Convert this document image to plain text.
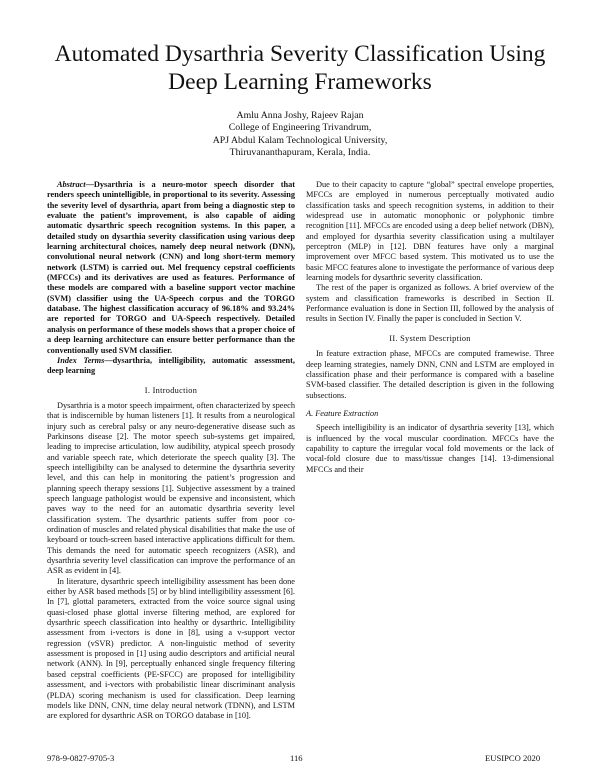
Automated Dysarthria Severity Classification Using Deep Learning Frameworks
Amlu Anna Joshy, Rajeev Rajan
College of Engineering Trivandrum,
APJ Abdul Kalam Technological University,
Thiruvananthapuram, Kerala, India.

Abstract—Dysarthria is a neuro-motor speech disorder that renders speech unintelligible, in proportional to its severity. Assessing the severity level of dysarthria, apart from being a diagnostic step to evaluate the patient’s improvement, is also capable of aiding automatic dysarthric speech recognition systems. In this paper, a detailed study on dysarthia severity classification using various deep learning architectural choices, namely deep neural network (DNN), convolutional neural network (CNN) and long short-term memory network (LSTM) is carried out. Mel frequency cepstral coefficients (MFCCs) and its derivatives are used as features. Performance of these models are compared with a baseline support vector machine (SVM) classifier using the UA-Speech corpus and the TORGO database. The highest classification accuracy of 96.18% and 93.24% are reported for TORGO and UA-Speech respectively. Detailed analysis on performance of these models shows that a proper choice of a deep learning architecture can ensure better performance than the conventionally used SVM classifier.

Index Terms—dysarthria, intelligibility, automatic assessment, deep learning

I. Introduction

Dysarthria is a motor speech impairment, often characterized by speech that is indiscernible by human listeners [1]. It results from a neurological injury such as cerebral palsy or any neuro-degenerative disease such as Parkinsons disease [2]. The motor speech sub-systems get impaired, leading to imprecise articulation, low audibility, atypical speech prosody and variable speech rate, which deteriorate the speech quality [3]. The speech intelligibilty can be analysed to determine the dysarthria severity level, and this can help in monitoring the patient’s progression and planning speech therapy sessions [1]. Subjective assessment by a trained speech language pathologist would be expensive and inconsistent, which paves way to the need for an automatic dysarthria severity level classification system. The dysarthric patients suffer from poor co-ordination of muscles and related physical disabilities that make the use of keyboard or touch-screen based interactive applications difficult for them. This demands the need for automatic speech recognizers (ASR), and dysarthria severity level classification can improve the performance of an ASR as evident in [4].

In literature, dysarthric speech intelligibility assessment has been done either by ASR based methods [5] or by blind intelligibility assessment [6]. In [7], glottal parameters, extracted from the voice source signal using quasi-closed phase glottal inverse filtering method, are explored for dysarthric speech classification into healthy or dysarthric. Intelligibility assessment from i-vectors is done in [8], using a v-support vector regression (vSVR) predictor. A non-linguistic method of severity assessment is proposed in [1] using audio descriptors and artificial neural network (ANN). In [9], perceptually enhanced single frequency filtering based cepstral coefficients (PE-SFCC) are proposed for intelligibility assessment, and i-vectors with probabilistic linear discriminant analysis (PLDA) scoring mechanism is used for classification. Deep learning models like DNN, CNN, time delay neural network (TDNN), and LSTM are explored for dysarthric ASR on TORGO database in [10].

Due to their capacity to capture “global” spectral envelope properties, MFCCs are employed in numerous perceptually motivated audio classification tasks and speech recognition systems, in addition to their widespread use in automatic monophonic or polyphonic timbre recognition [11]. MFCCs are encoded using a deep belief network (DBN), and employed for dysarthia severity classification using a multilayer perceptron (MLP) in [12]. DBN features have only a marginal improvement over MFCC based system. This motivated us to use the basic MFCC features alone to investigate the performance of various deep learning models for dysarthric severity classification.

The rest of the paper is organized as follows. A brief overview of the system and classification frameworks is described in Section II. Performance evaluation is done in Section III, followed by the analysis of results in Section IV. Finally the paper is concluded in Section V.

II. System Description

In feature extraction phase, MFCCs are computed framewise. Three deep learning strategies, namely DNN, CNN and LSTM are employed in classification phase and their performance is compared with a baseline SVM-based classifier. The detailed description is given in the following subsections.

A. Feature Extraction

Speech intelligibility is an indicator of dysarthria severity [13], which is influenced by the vocal muscular coordination. MFCCs have the capability to capture the irregular vocal fold movements or the lack of vocal-fold closure due to mass/tissue changes [14]. 13-dimensional MFCCs and their

978-9-0827-9705-3	116	EUSIPCO 2020
